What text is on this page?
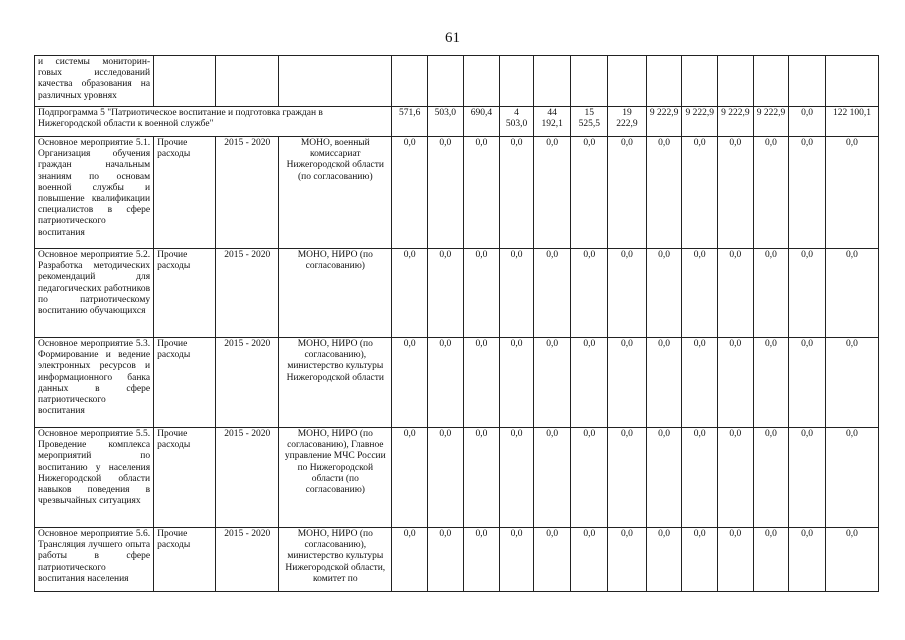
61
и системы мониторин-говых исследований качества образования на различных уровнях																
Подпрограмма 5 "Патриотическое воспитание и подготовка граждан в Нижегородской области к военной службе"				571,6	503,0	690,4	4 503,0	44 192,1	15 525,5	19 222,9	9 222,9	9 222,9	9 222,9	9 222,9	0,0	122 100,1
Основное мероприятие 5.1. Организация обучения граждан начальным знаниям по основам военной службы и повышение квалификации специалистов в сфере патриотического воспитания	Прочие расходы	2015 - 2020	МОНО, военный комиссариат Нижегородской области (по согласованию)	0,0	0,0	0,0	0,0	0,0	0,0	0,0	0,0	0,0	0,0	0,0	0,0	0,0
Основное мероприятие 5.2. Разработка методических рекомендаций для педагогических работников по патриотическому воспитанию обучающихся	Прочие расходы	2015 - 2020	МОНО, НИРО (по согласованию)	0,0	0,0	0,0	0,0	0,0	0,0	0,0	0,0	0,0	0,0	0,0	0,0	0,0
Основное мероприятие 5.3. Формирование и ведение электронных ресурсов и информационного банка данных в сфере патриотического воспитания	Прочие расходы	2015 - 2020	МОНО, НИРО (по согласованию), министерство культуры Нижегородской области	0,0	0,0	0,0	0,0	0,0	0,0	0,0	0,0	0,0	0,0	0,0	0,0	0,0
Основное мероприятие 5.5. Проведение комплекса мероприятий по воспитанию у населения Нижегородской области навыков поведения в чрезвычайных ситуациях	Прочие расходы	2015 - 2020	МОНО, НИРО (по согласованию), Главное управление МЧС России по Нижегородской области (по согласованию)	0,0	0,0	0,0	0,0	0,0	0,0	0,0	0,0	0,0	0,0	0,0	0,0	0,0
Основное мероприятие 5.6. Трансляция лучшего опыта работы в сфере патриотического воспитания населения	Прочие расходы	2015 - 2020	МОНО, НИРО (по согласованию), министерство культуры Нижегородской области, комитет по	0,0	0,0	0,0	0,0	0,0	0,0	0,0	0,0	0,0	0,0	0,0	0,0	0,0
